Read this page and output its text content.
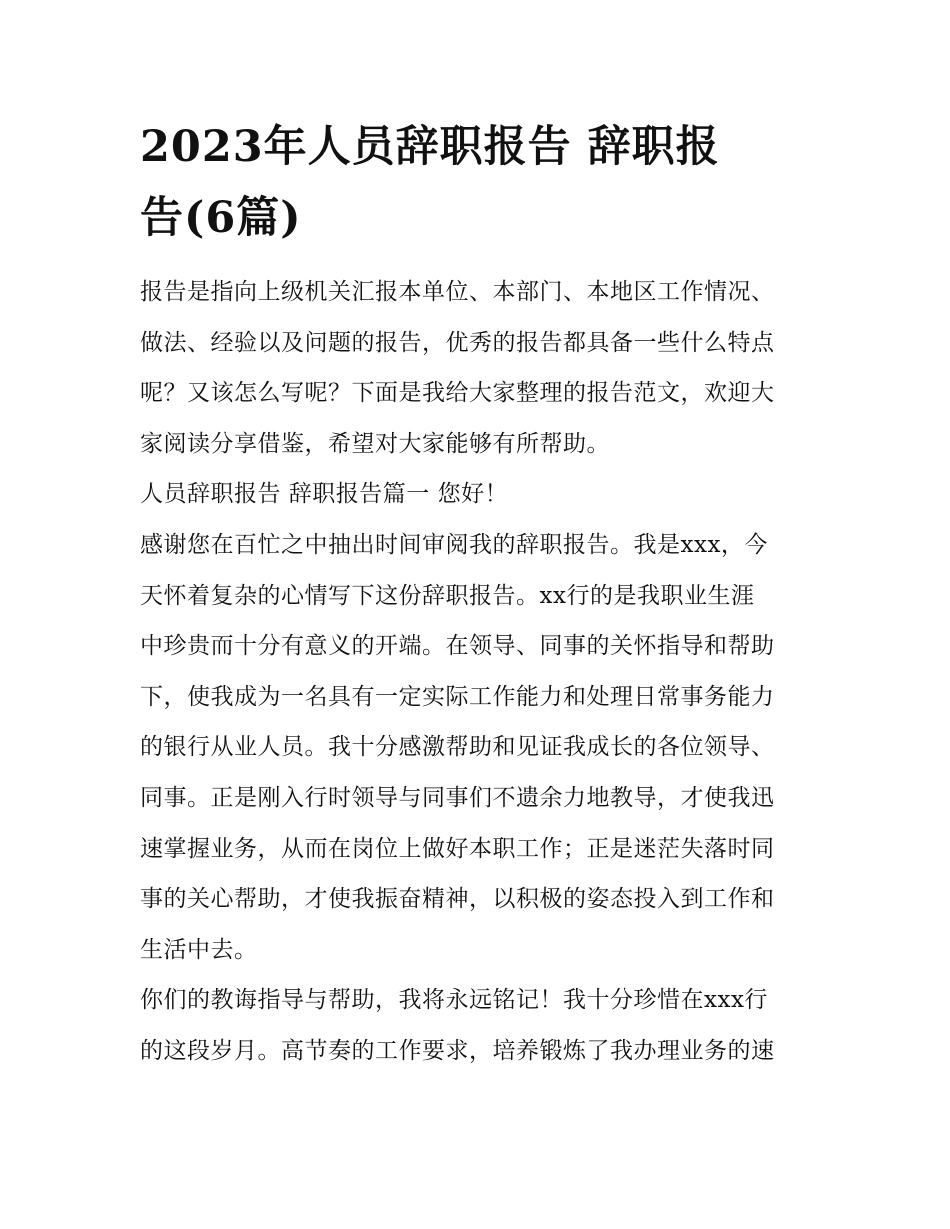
2023年人员辞职报告 辞职报
告(6篇)

报告是指向上级机关汇报本单位、本部门、本地区工作情况、
做法、经验以及问题的报告，优秀的报告都具备一些什么特点
呢？又该怎么写呢？下面是我给大家整理的报告范文，欢迎大
家阅读分享借鉴，希望对大家能够有所帮助。

人员辞职报告 辞职报告篇一 您好！

感谢您在百忙之中抽出时间审阅我的辞职报告。我是xxx，今
天怀着复杂的心情写下这份辞职报告。xx行的是我职业生涯
中珍贵而十分有意义的开端。在领导、同事的关怀指导和帮助
下，使我成为一名具有一定实际工作能力和处理日常事务能力
的银行从业人员。我十分感激帮助和见证我成长的各位领导、
同事。正是刚入行时领导与同事们不遗余力地教导，才使我迅
速掌握业务，从而在岗位上做好本职工作；正是迷茫失落时同
事的关心帮助，才使我振奋精神，以积极的姿态投入到工作和
生活中去。

你们的教诲指导与帮助，我将永远铭记！我十分珍惜在xxx行
的这段岁月。高节奏的工作要求，培养锻炼了我办理业务的速
